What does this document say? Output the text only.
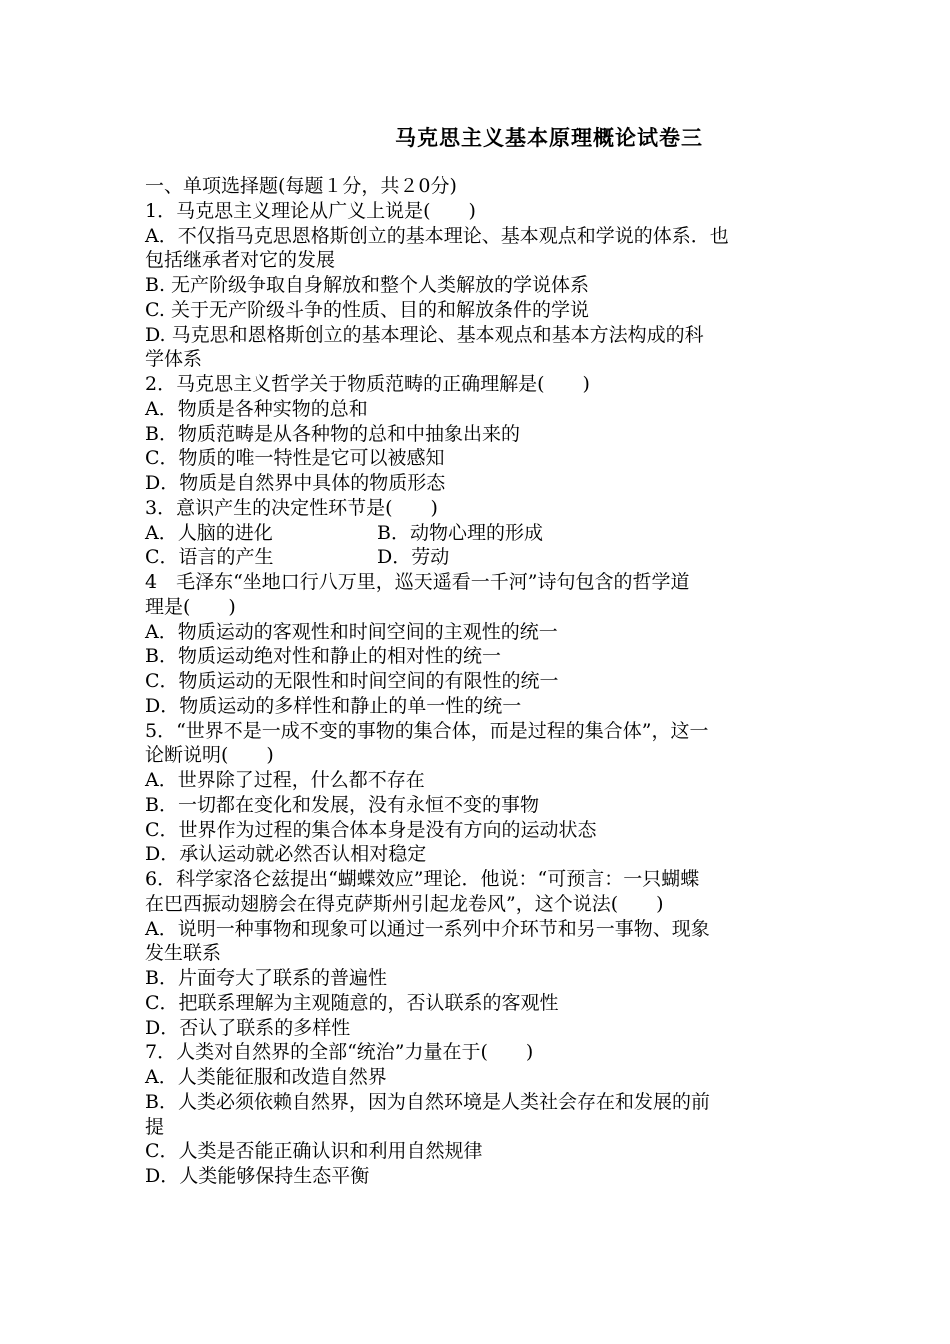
马克思主义基本原理概论试卷三
一、单项选择题(每题１分，共２0分)
1．马克思主义理论从广义上说是(　　)
A．不仅指马克思恩格斯创立的基本理论、基本观点和学说的体系．也
包括继承者对它的发展
B. 无产阶级争取自身解放和整个人类解放的学说体系
C. 关于无产阶级斗争的性质、目的和解放条件的学说
D. 马克思和恩格斯创立的基本理论、基本观点和基本方法构成的科
学体系
2．马克思主义哲学关于物质范畴的正确理解是(　　)
A．物质是各种实物的总和
B．物质范畴是从各种物的总和中抽象出来的
C．物质的唯一特性是它可以被感知
D．物质是自然界中具体的物质形态
3．意识产生的决定性环节是(　　)
A．人脑的进化	B．动物心理的形成
C．语言的产生	D．劳动
4　毛泽东“坐地口行八万里，巡天遥看一千河”诗句包含的哲学道
理是(　　)
A．物质运动的客观性和时间空间的主观性的统一
B．物质运动绝对性和静止的相对性的统一
C．物质运动的无限性和时间空间的有限性的统一
D．物质运动的多样性和静止的单一性的统一
5．“世界不是一成不变的事物的集合体，而是过程的集合体”，这一
论断说明(　　)
A．世界除了过程，什么都不存在
B．一切都在变化和发展，没有永恒不变的事物
C．世界作为过程的集合体本身是没有方向的运动状态
D．承认运动就必然否认相对稳定
6．科学家洛仑兹提出“蝴蝶效应”理论．他说：“可预言：一只蝴蝶
在巴西振动翅膀会在得克萨斯州引起龙卷风”，这个说法(　　)
A．说明一种事物和现象可以通过一系列中介环节和另一事物、现象
发生联系
B．片面夸大了联系的普遍性
C．把联系理解为主观随意的，否认联系的客观性
D．否认了联系的多样性
7．人类对自然界的全部“统治”力量在于(　　)
A．人类能征服和改造自然界
B．人类必须依赖自然界，因为自然环境是人类社会存在和发展的前
提
C．人类是否能正确认识和利用自然规律
D．人类能够保持生态平衡
